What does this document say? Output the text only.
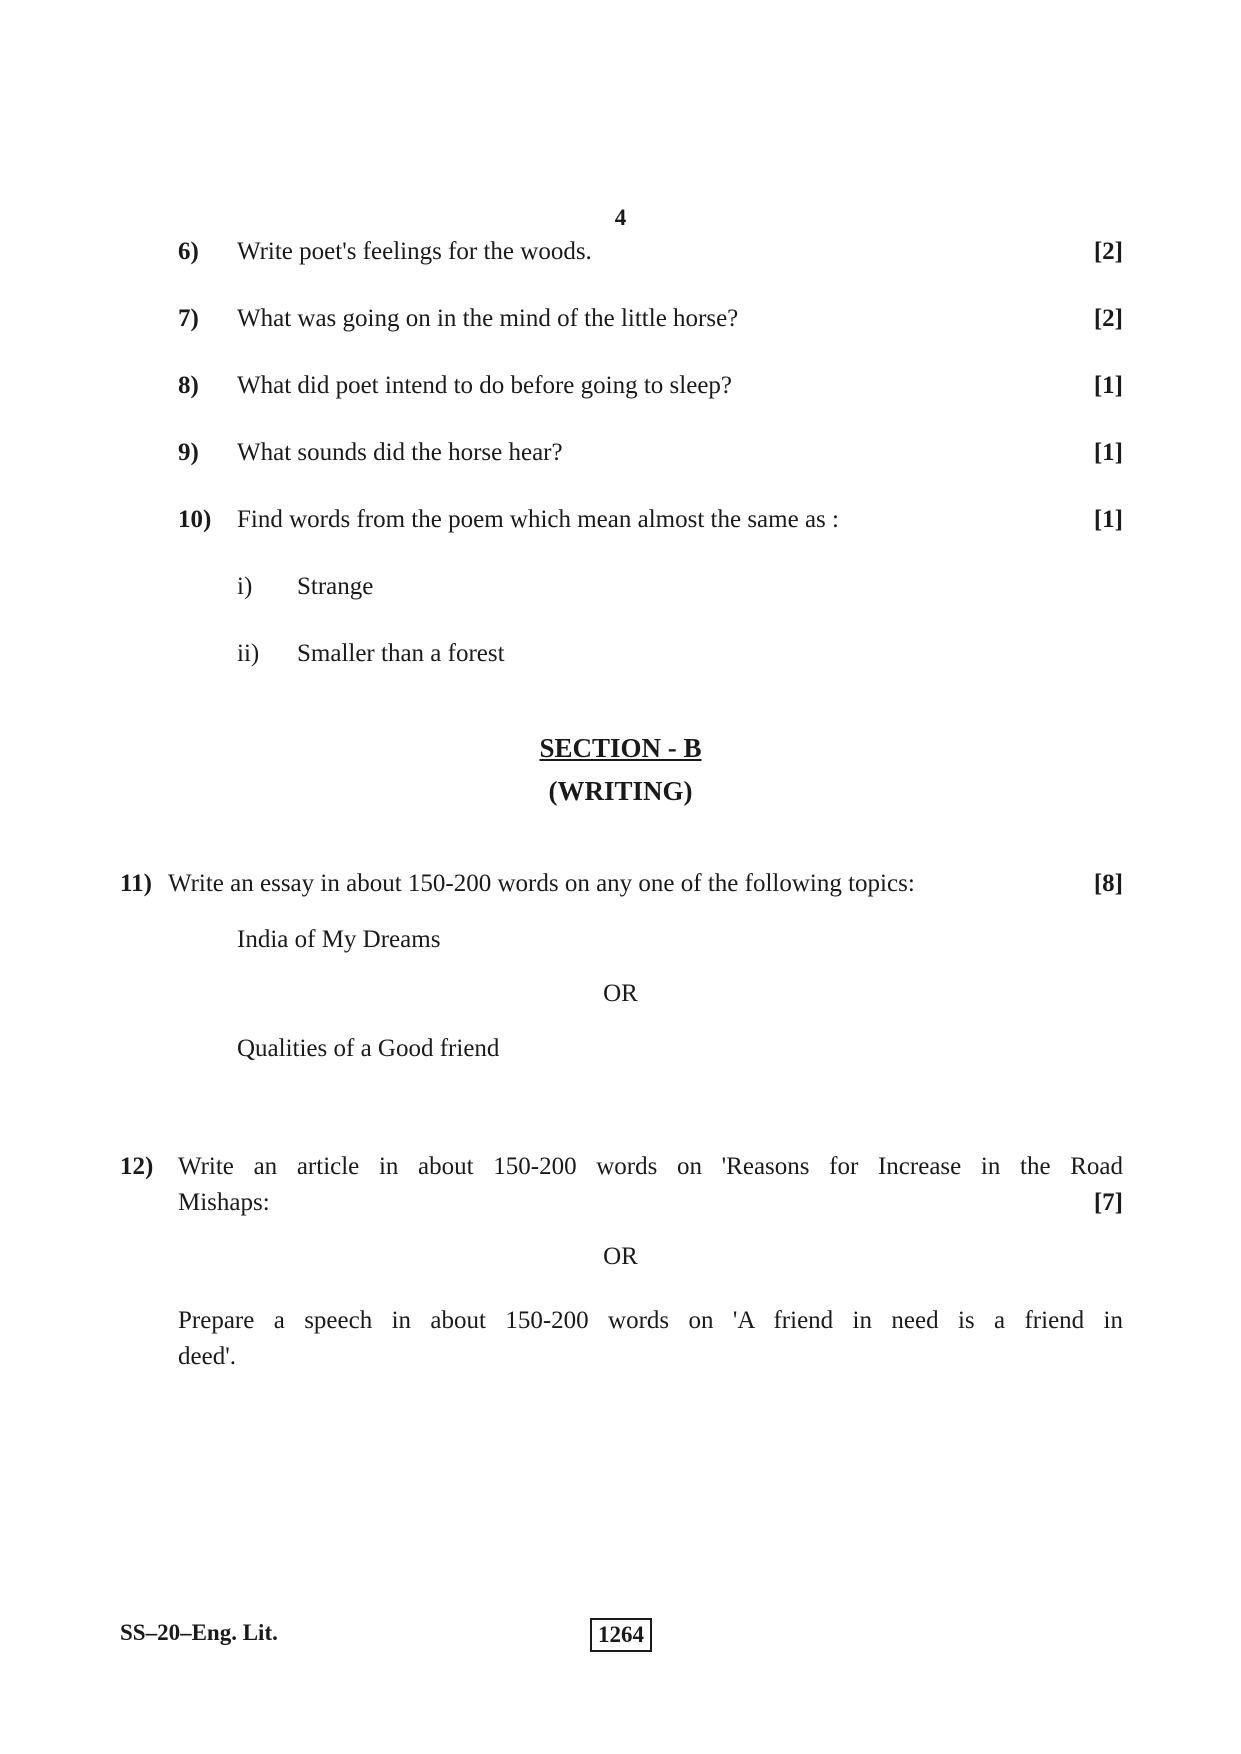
4
6) Write poet's feelings for the woods.	[2]
7) What was going on in the mind of the little horse?	[2]
8) What did poet intend to do before going to sleep?	[1]
9) What sounds did the horse hear?	[1]
10) Find words from the poem which mean almost the same as :	[1]
i) Strange
ii) Smaller than a forest
SECTION - B
(WRITING)
11) Write an essay in about 150-200 words on any one of the following topics:	[8]
India of My Dreams
OR
Qualities of a Good friend
12) Write an article in about 150-200 words on 'Reasons for Increase in the Road
Mishaps:	[7]
OR
Prepare a speech in about 150-200 words on 'A friend in need is a friend in
deed'.
SS–20–Eng. Lit.	1264
